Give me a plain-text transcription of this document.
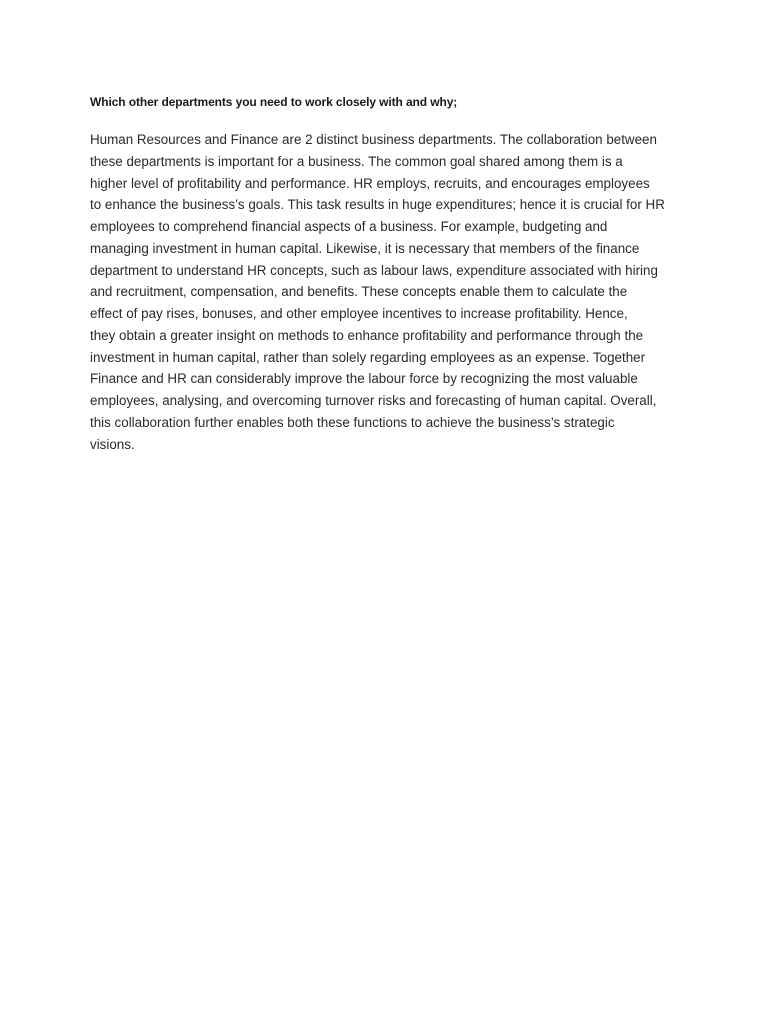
Which other departments you need to work closely with and why;

Human Resources and Finance are 2 distinct business departments. The collaboration between
these departments is important for a business. The common goal shared among them is a
higher level of profitability and performance. HR employs, recruits, and encourages employees
to enhance the business’s goals. This task results in huge expenditures; hence it is crucial for HR
employees to comprehend financial aspects of a business. For example, budgeting and
managing investment in human capital. Likewise, it is necessary that members of the finance
department to understand HR concepts, such as labour laws, expenditure associated with hiring
and recruitment, compensation, and benefits. These concepts enable them to calculate the
effect of pay rises, bonuses, and other employee incentives to increase profitability. Hence,
they obtain a greater insight on methods to enhance profitability and performance through the
investment in human capital, rather than solely regarding employees as an expense. Together
Finance and HR can considerably improve the labour force by recognizing the most valuable
employees, analysing, and overcoming turnover risks and forecasting of human capital. Overall,
this collaboration further enables both these functions to achieve the business’s strategic
visions.
